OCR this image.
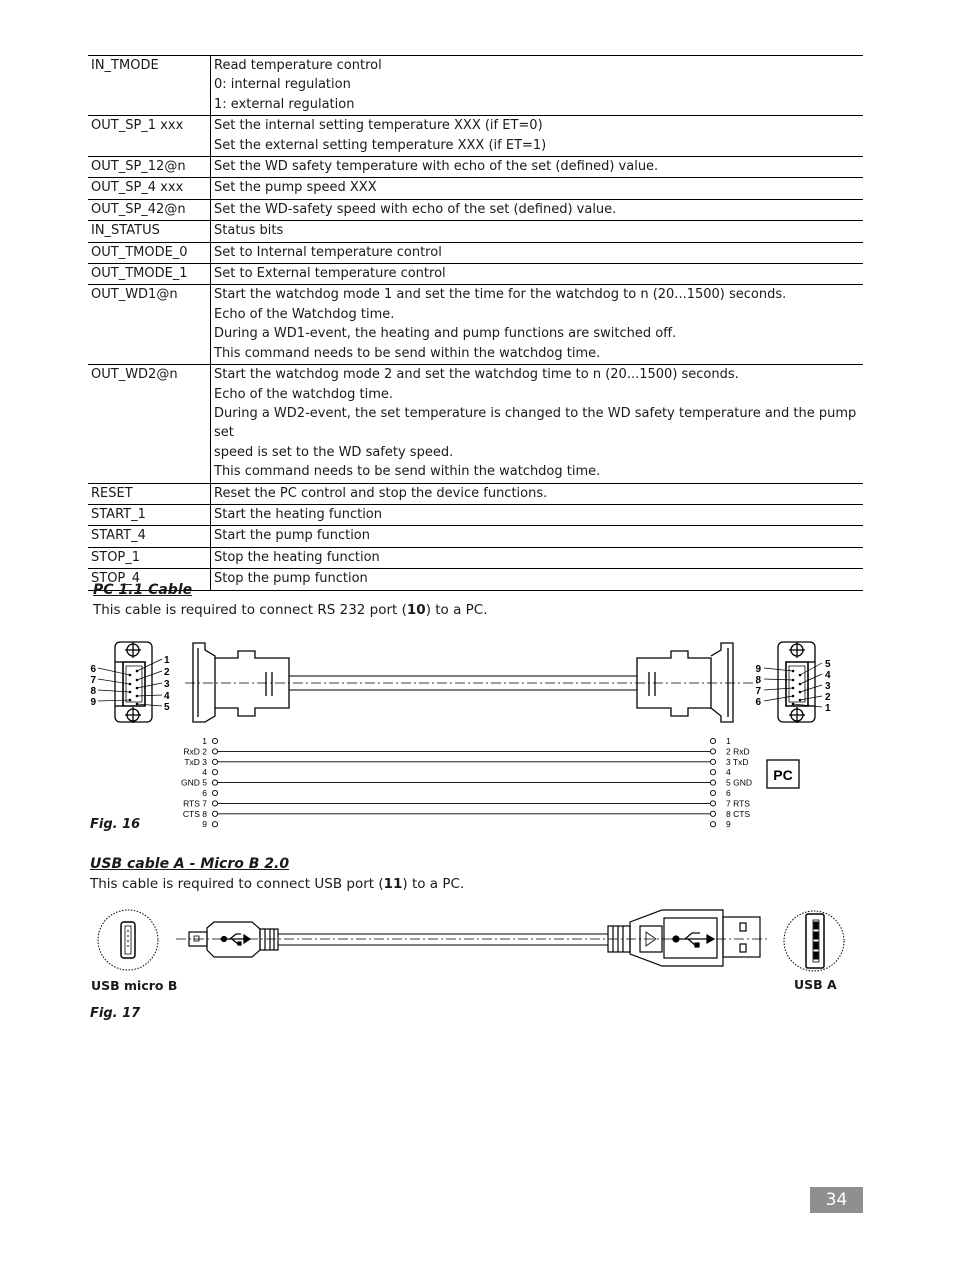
IN_TMODE	Read temperature control
0: internal regulation
1: external regulation

OUT_SP_1 xxx	Set the internal setting temperature XXX (if ET=0)
Set the external setting temperature XXX (if ET=1)

OUT_SP_12@n	Set the WD safety temperature with echo of the set (defined) value.

OUT_SP_4 xxx	Set the pump speed XXX

OUT_SP_42@n	Set the WD-safety speed with echo of the set (defined) value.

IN_STATUS	Status bits

OUT_TMODE_0	Set to Internal temperature control

OUT_TMODE_1	Set to External temperature control

OUT_WD1@n	Start the watchdog mode 1 and set the time for the watchdog to n (20...1500) seconds.
Echo of the Watchdog time.
During a WD1-event, the heating and pump functions are switched off.
This command needs to be send within the watchdog time.

OUT_WD2@n	Start the watchdog mode 2 and set the watchdog time to n (20...1500) seconds.
Echo of the watchdog time.
During a WD2-event, the set temperature is changed to the WD safety temperature and the pump set
speed is set to the WD safety speed.
This command needs to be send within the watchdog time.

RESET	Reset the PC control and stop the device functions.

START_1	Start the heating function

START_4	Start the pump function

STOP_1	Stop the heating function

STOP_4	Stop the pump function
PC 1.1 Cable
This cable is required to connect RS 232 port (10) to a PC.
1
2
3
4
5
6
7
8
9
5
4
3
2
1
9
8
7
6
1	1
RxD 2	2 RxD
TxD 3	3 TxD
4	4
GND 5	5 GND
6	6
RTS 7	7 RTS
CTS 8	8 CTS
9	9
PC
Fig. 16
USB cable A - Micro B 2.0
This cable is required to connect USB port (11) to a PC.
USB micro B	USB A
Fig. 17
34
